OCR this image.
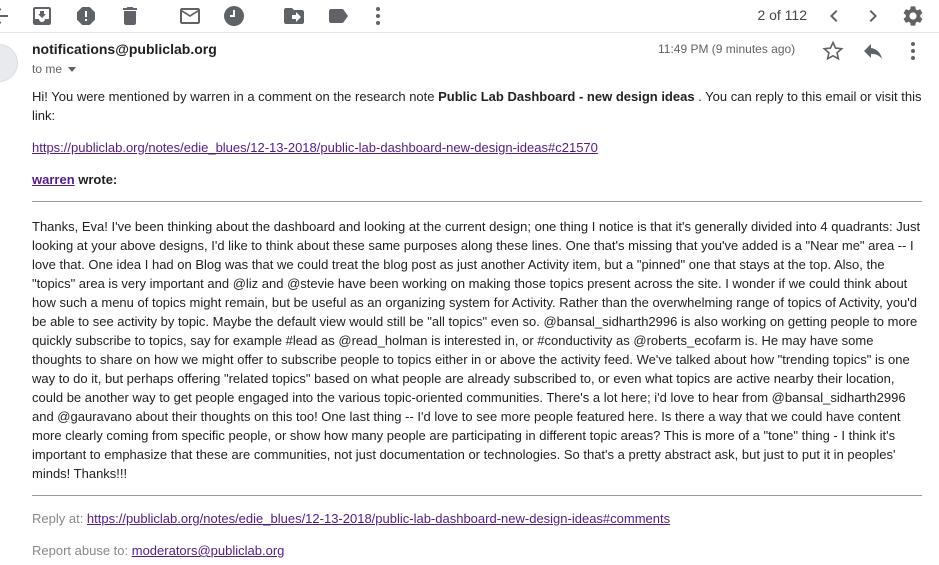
2 of 112
notifications@publiclab.org
to me
11:49 PM (9 minutes ago)
Hi! You were mentioned by warren in a comment on the research note Public Lab Dashboard - new design ideas . You can reply to this email or visit this link:
https://publiclab.org/notes/edie_blues/12-13-2018/public-lab-dashboard-new-design-ideas#c21570
warren wrote:
Thanks, Eva! I've been thinking about the dashboard and looking at the current design; one thing I notice is that it's generally divided into 4 quadrants: Just looking at your above designs, I'd like to think about these same purposes along these lines. One that's missing that you've added is a "Near me" area -- I love that. One idea I had on Blog was that we could treat the blog post as just another Activity item, but a "pinned" one that stays at the top. Also, the "topics" area is very important and @liz and @stevie have been working on making those topics present across the site. I wonder if we could think about how such a menu of topics might remain, but be useful as an organizing system for Activity. Rather than the overwhelming range of topics of Activity, you'd be able to see activity by topic. Maybe the default view would still be "all topics" even so. @bansal_sidharth2996 is also working on getting people to more quickly subscribe to topics, say for example #lead as @read_holman is interested in, or #conductivity as @roberts_ecofarm is. He may have some thoughts to share on how we might offer to subscribe people to topics either in or above the activity feed. We've talked about how "trending topics" is one way to do it, but perhaps offering "related topics" based on what people are already subscribed to, or even what topics are active nearby their location, could be another way to get people engaged into the various topic-oriented communities. There's a lot here; i'd love to hear from @bansal_sidharth2996 and @gauravano about their thoughts on this too! One last thing -- I'd love to see more people featured here. Is there a way that we could have content more clearly coming from specific people, or show how many people are participating in different topic areas? This is more of a "tone" thing - I think it's important to emphasize that these are communities, not just documentation or technologies. So that's a pretty abstract ask, but just to put it in peoples' minds! Thanks!!!
Reply at: https://publiclab.org/notes/edie_blues/12-13-2018/public-lab-dashboard-new-design-ideas#comments
Report abuse to: moderators@publiclab.org
